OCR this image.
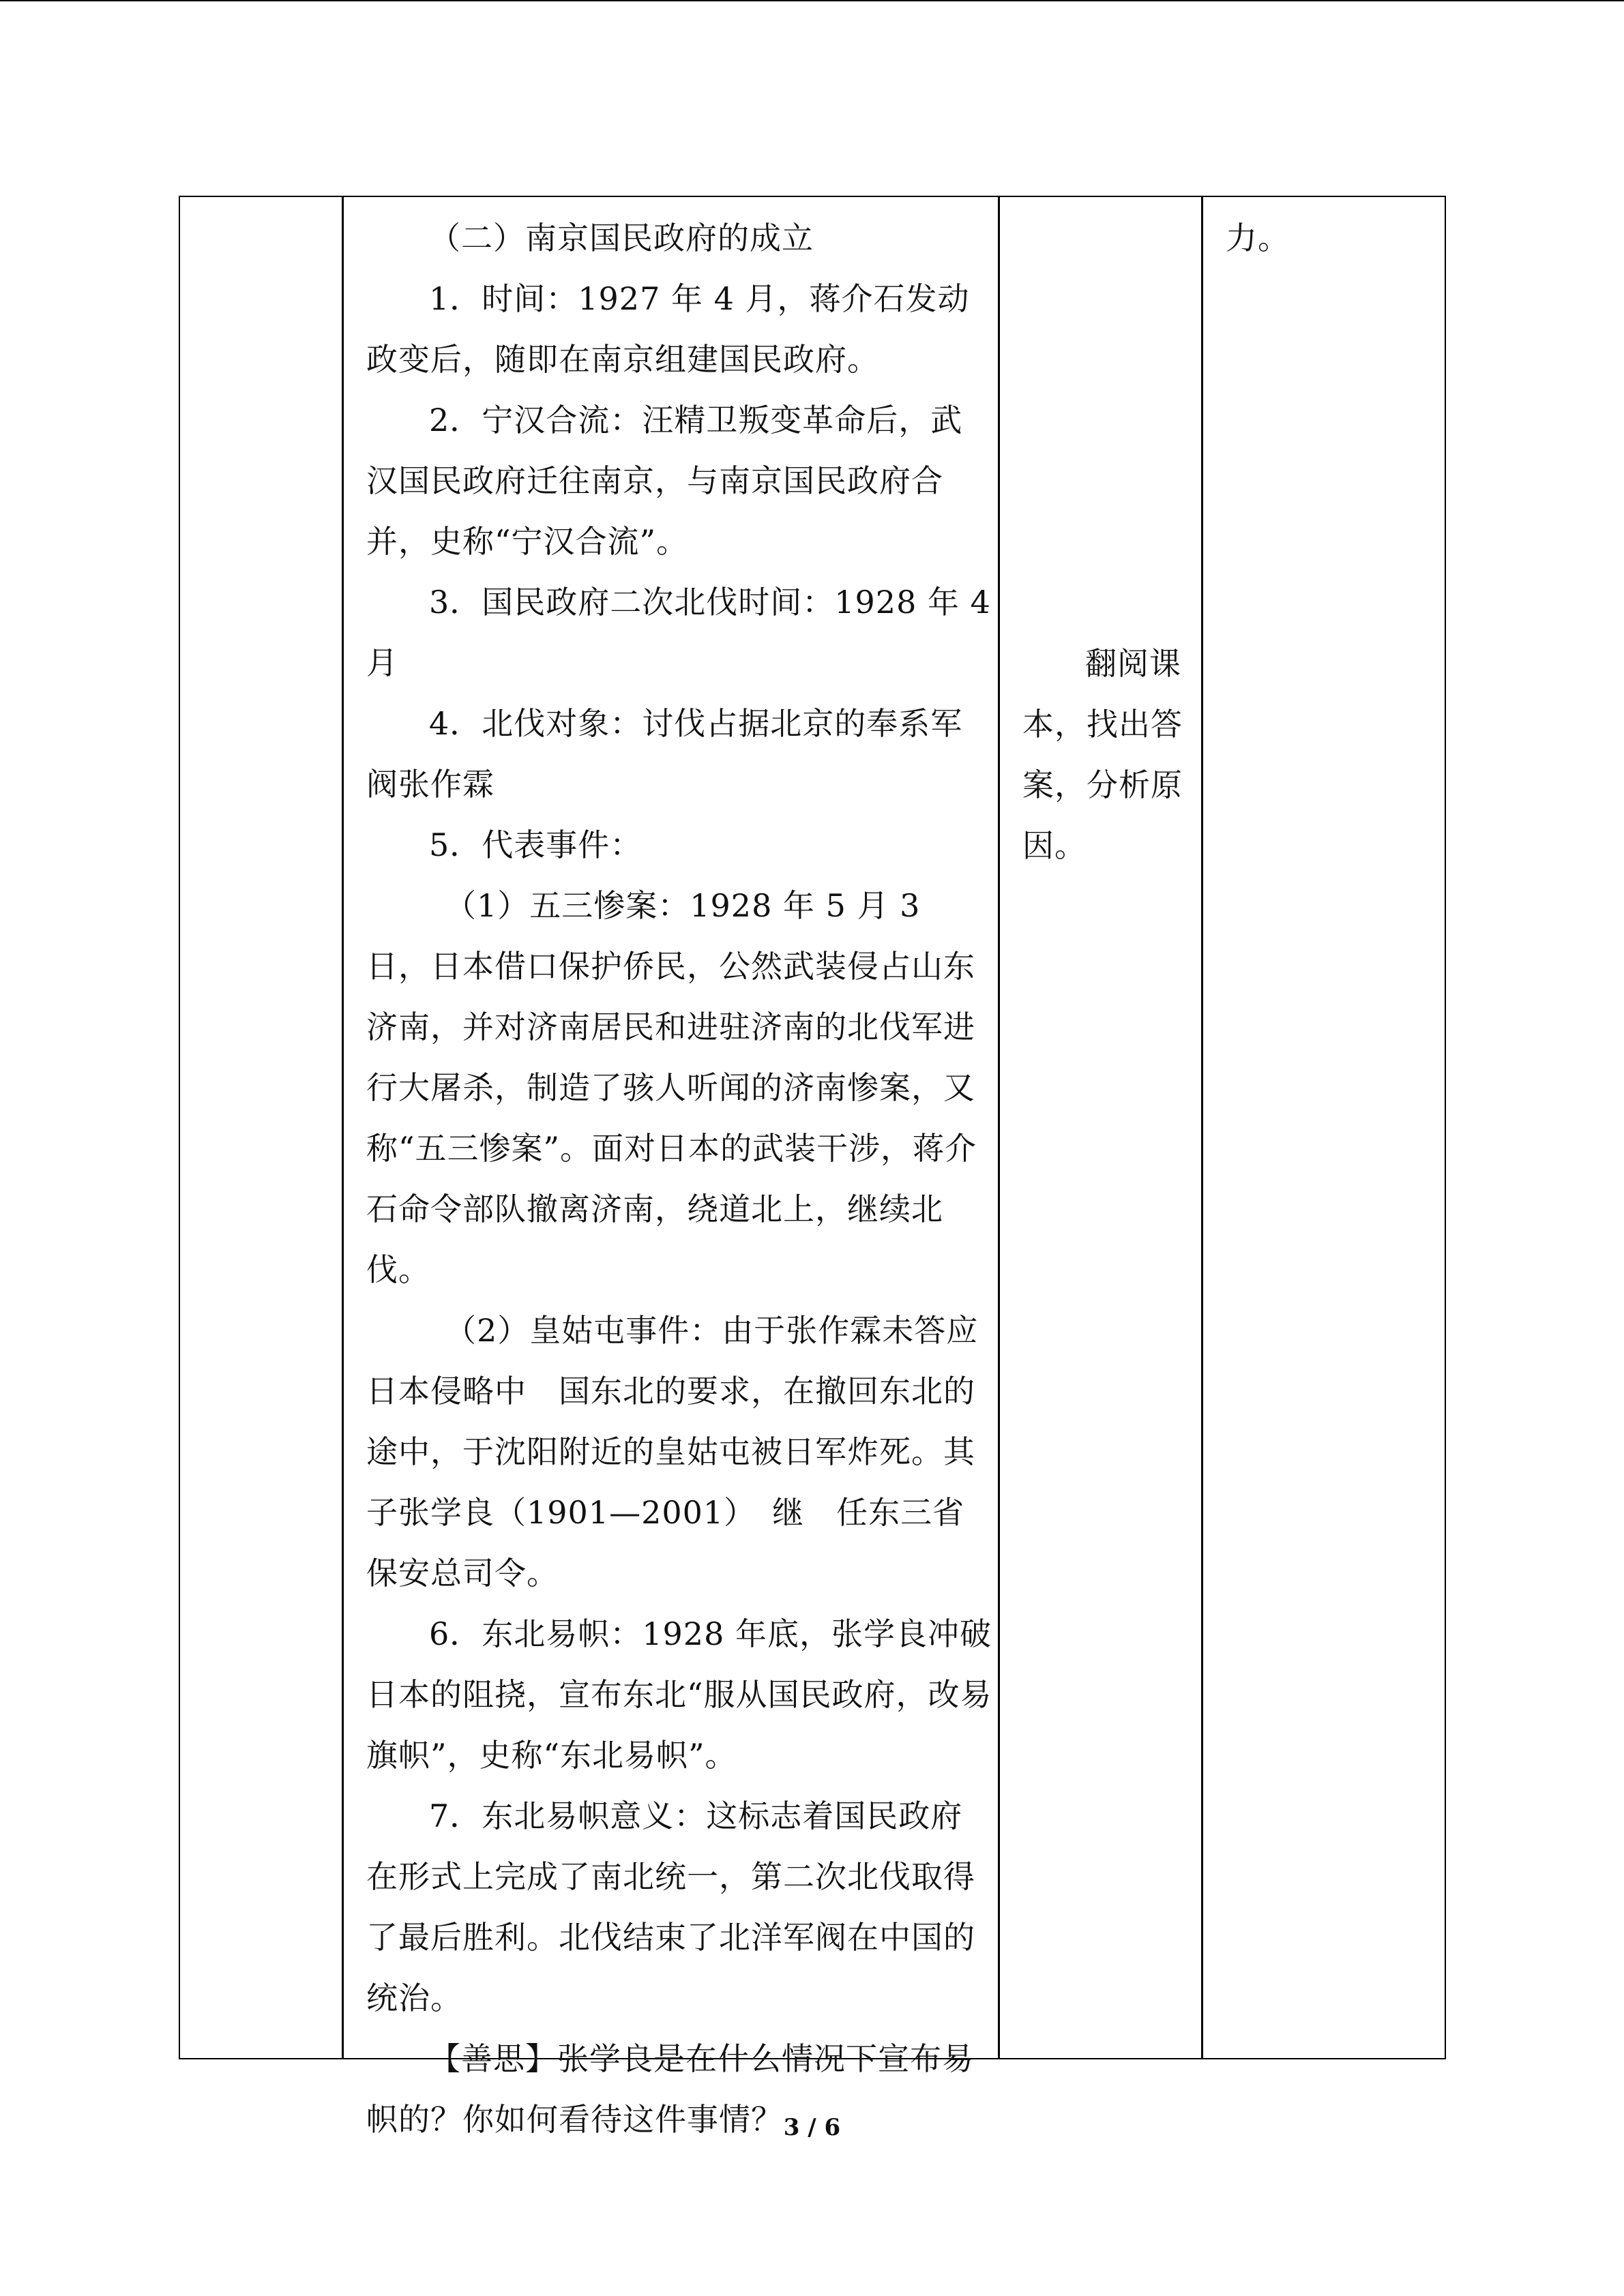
（二）南京国民政府的成立

1．时间：1927 年 4 月，蒋介石发动政变后，随即在南京组建国民政府。

2．宁汉合流：汪精卫叛变革命后，武汉国民政府迁往南京，与南京国民政府合并，史称“宁汉合流”。

3．国民政府二次北伐时间：1928 年 4 月

4．北伐对象：讨伐占据北京的奉系军阀张作霖

5．代表事件：

（1）五三惨案：1928 年 5 月 3 日，日本借口保护侨民，公然武装侵占山东济南，并对济南居民和进驻济南的北伐军进行大屠杀，制造了骇人听闻的济南惨案，又称“五三惨案”。面对日本的武装干涉，蒋介石命令部队撤离济南，绕道北上，继续北伐。

（2）皇姑屯事件：由于张作霖未答应日本侵略中　国东北的要求，在撤回东北的途中，于沈阳附近的皇姑屯被日军炸死。其子张学良（1901—2001）　继　任东三省保安总司令。

6．东北易帜：1928 年底，张学良冲破日本的阻挠，宣布东北“服从国民政府，改易旗帜”，史称“东北易帜”。

7．东北易帜意义：这标志着国民政府在形式上完成了南北统一，第二次北伐取得了最后胜利。北伐结束了北洋军阀在中国的统治。

【善思】张学良是在什么情况下宣布易帜的？你如何看待这件事情？

翻阅课本，找出答案，分析原因。

力。

3 / 6
